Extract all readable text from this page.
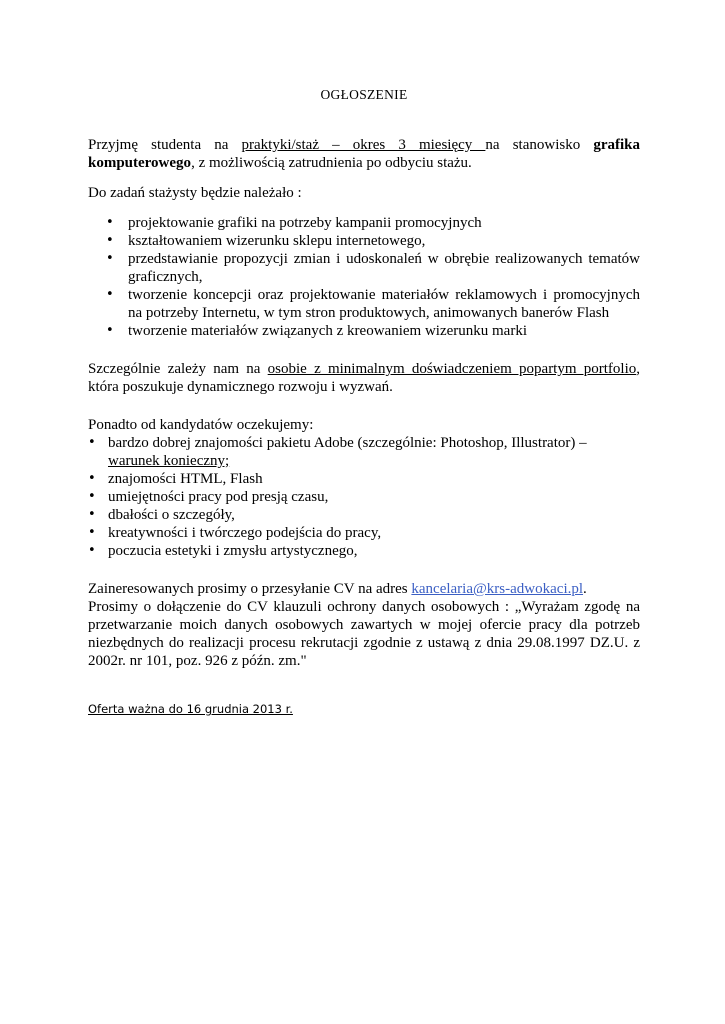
OGŁOSZENIE

Przyjmę studenta na praktyki/staż – okres 3 miesięcy na stanowisko grafika komputerowego, z możliwością zatrudnienia po odbyciu stażu.

Do zadań stażysty będzie należało :

• projektowanie grafiki na potrzeby kampanii promocyjnych
• kształtowaniem wizerunku sklepu internetowego,
• przedstawianie propozycji zmian i udoskonaleń w obrębie realizowanych tematów graficznych,
• tworzenie koncepcji oraz projektowanie materiałów reklamowych i promocyjnych na potrzeby Internetu, w tym stron produktowych, animowanych banerów Flash
• tworzenie materiałów związanych z kreowaniem wizerunku marki

Szczególnie zależy nam na osobie z minimalnym doświadczeniem popartym portfolio, która poszukuje dynamicznego rozwoju i wyzwań.

Ponadto od kandydatów oczekujemy:

• bardzo dobrej znajomości pakietu Adobe (szczególnie: Photoshop, Illustrator) –
warunek konieczny;
• znajomości HTML, Flash
• umiejętności pracy pod presją czasu,
• dbałości o szczegóły,
• kreatywności i twórczego podejścia do pracy,
• poczucia estetyki i zmysłu artystycznego,

Zaineresowanych prosimy o przesyłanie CV na adres kancelaria@krs-adwokaci.pl.

Prosimy o dołączenie do CV klauzuli ochrony danych osobowych : „Wyrażam zgodę na przetwarzanie moich danych osobowych zawartych w mojej ofercie pracy dla potrzeb niezbędnych do realizacji procesu rekrutacji zgodnie z ustawą z dnia 29.08.1997 DZ.U. z 2002r. nr 101, poz. 926 z późn. zm."

Oferta ważna do 16 grudnia 2013 r.
